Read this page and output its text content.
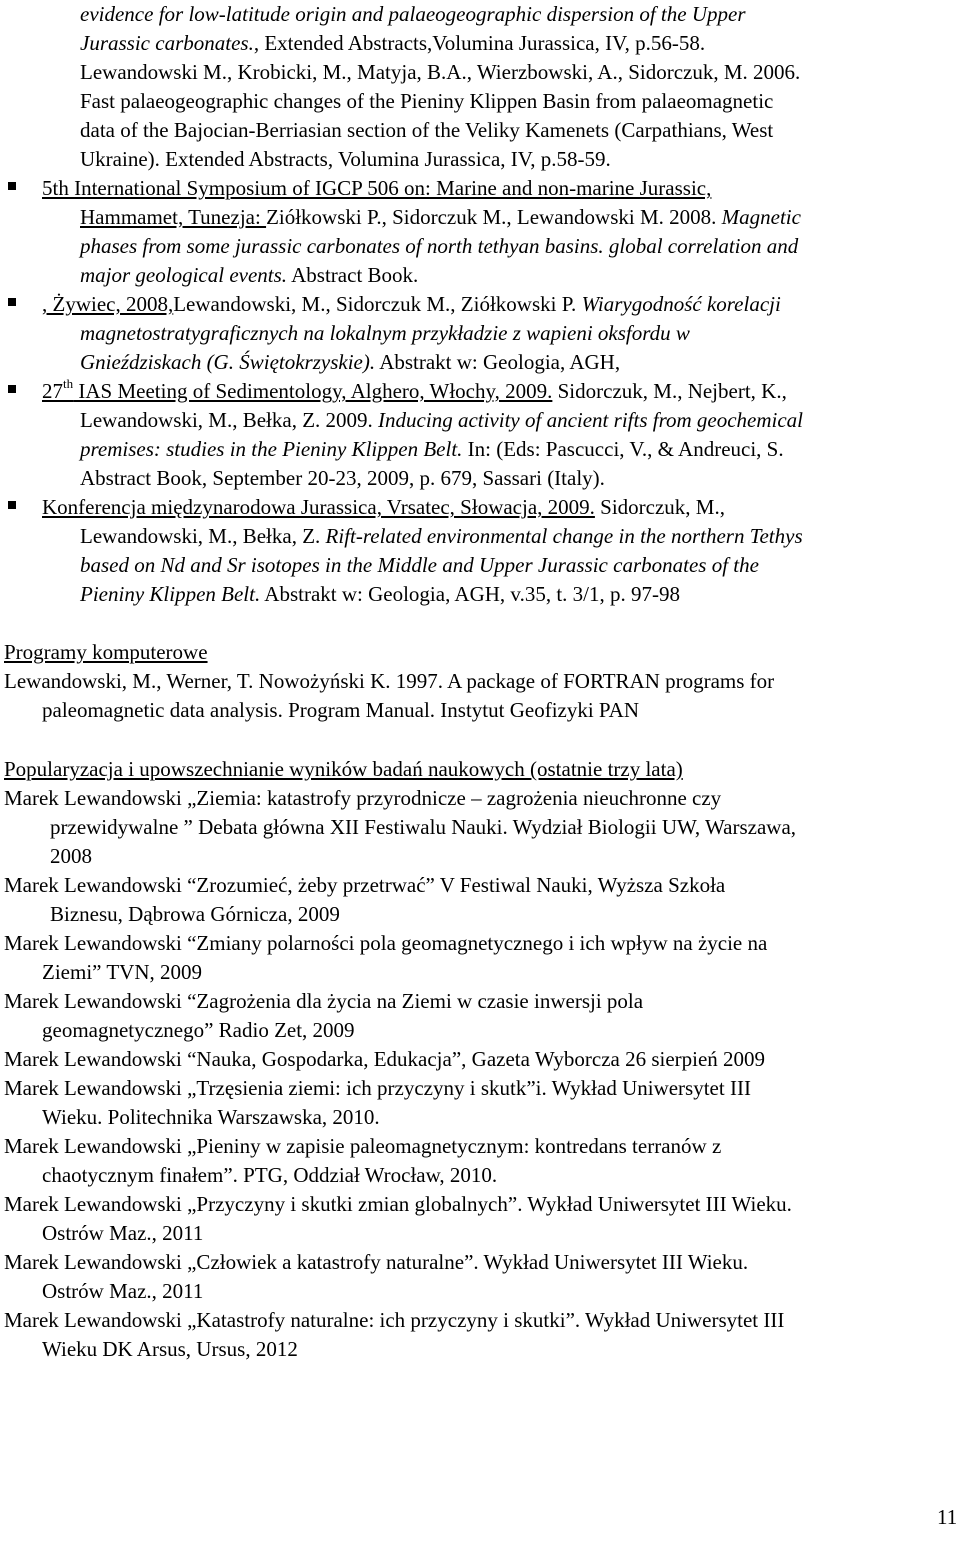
evidence for low-latitude origin and palaeogeographic dispersion of the Upper
Jurassic carbonates., Extended Abstracts,Volumina Jurassica, IV, p.56-58.
Lewandowski M., Krobicki, M., Matyja, B.A., Wierzbowski, A., Sidorczuk, M. 2006.
Fast palaeogeographic changes of the Pieniny Klippen Basin from palaeomagnetic
data of the Bajocian-Berriasian section of the Veliky Kamenets (Carpathians, West
Ukraine). Extended Abstracts, Volumina Jurassica, IV, p.58-59.
5th International Symposium of IGCP 506 on: Marine and non-marine Jurassic,
Hammamet, Tunezja: Ziółkowski P., Sidorczuk M., Lewandowski M. 2008. Magnetic
phases from some jurassic carbonates of north tethyan basins. global correlation and
major geological events. Abstract Book.
, Żywiec, 2008,Lewandowski, M., Sidorczuk M., Ziółkowski P. Wiarygodność korelacji
magnetostratygraficznych na lokalnym przykładzie z wapieni oksfordu w
Gnieździskach (G. Świętokrzyskie). Abstrakt w: Geologia, AGH,
27th IAS Meeting of Sedimentology, Alghero, Włochy, 2009. Sidorczuk, M., Nejbert, K.,
Lewandowski, M., Bełka, Z. 2009. Inducing activity of ancient rifts from geochemical
premises: studies in the Pieniny Klippen Belt. In: (Eds: Pascucci, V., & Andreuci, S.
Abstract Book, September 20-23, 2009, p. 679, Sassari (Italy).
Konferencja międzynarodowa Jurassica, Vrsatec, Słowacja, 2009. Sidorczuk, M.,
Lewandowski, M., Bełka, Z. Rift-related environmental change in the northern Tethys
based on Nd and Sr isotopes in the Middle and Upper Jurassic carbonates of the
Pieniny Klippen Belt. Abstrakt w: Geologia, AGH, v.35, t. 3/1, p. 97-98
Programy komputerowe
Lewandowski, M., Werner, T. Nowożyński K. 1997. A package of FORTRAN programs for
paleomagnetic data analysis. Program Manual. Instytut Geofizyki PAN
Popularyzacja i upowszechnianie wyników badań naukowych (ostatnie trzy lata)
Marek Lewandowski „Ziemia: katastrofy przyrodnicze – zagrożenia nieuchronne czy
przewidywalne ” Debata główna XII Festiwalu Nauki. Wydział Biologii UW, Warszawa,
2008
Marek Lewandowski “Zrozumieć, żeby przetrwać” V Festiwal Nauki, Wyższa Szkoła
Biznesu, Dąbrowa Górnicza, 2009
Marek Lewandowski “Zmiany polarności pola geomagnetycznego i ich wpływ na życie na
Ziemi” TVN, 2009
Marek Lewandowski “Zagrożenia dla życia na Ziemi w czasie inwersji pola
geomagnetycznego” Radio Zet, 2009
Marek Lewandowski “Nauka, Gospodarka, Edukacja”, Gazeta Wyborcza 26 sierpień 2009
Marek Lewandowski „Trzęsienia ziemi: ich przyczyny i skutk”i. Wykład Uniwersytet III
Wieku. Politechnika Warszawska, 2010.
Marek Lewandowski „Pieniny w zapisie paleomagnetycznym: kontredans terranów z
chaotycznym finałem”. PTG, Oddział Wrocław, 2010.
Marek Lewandowski „Przyczyny i skutki zmian globalnych”. Wykład Uniwersytet III Wieku.
Ostrów Maz., 2011
Marek Lewandowski „Człowiek a katastrofy naturalne”. Wykład Uniwersytet III Wieku.
Ostrów Maz., 2011
Marek Lewandowski „Katastrofy naturalne: ich przyczyny i skutki”. Wykład Uniwersytet III
Wieku DK Arsus, Ursus, 2012
11
